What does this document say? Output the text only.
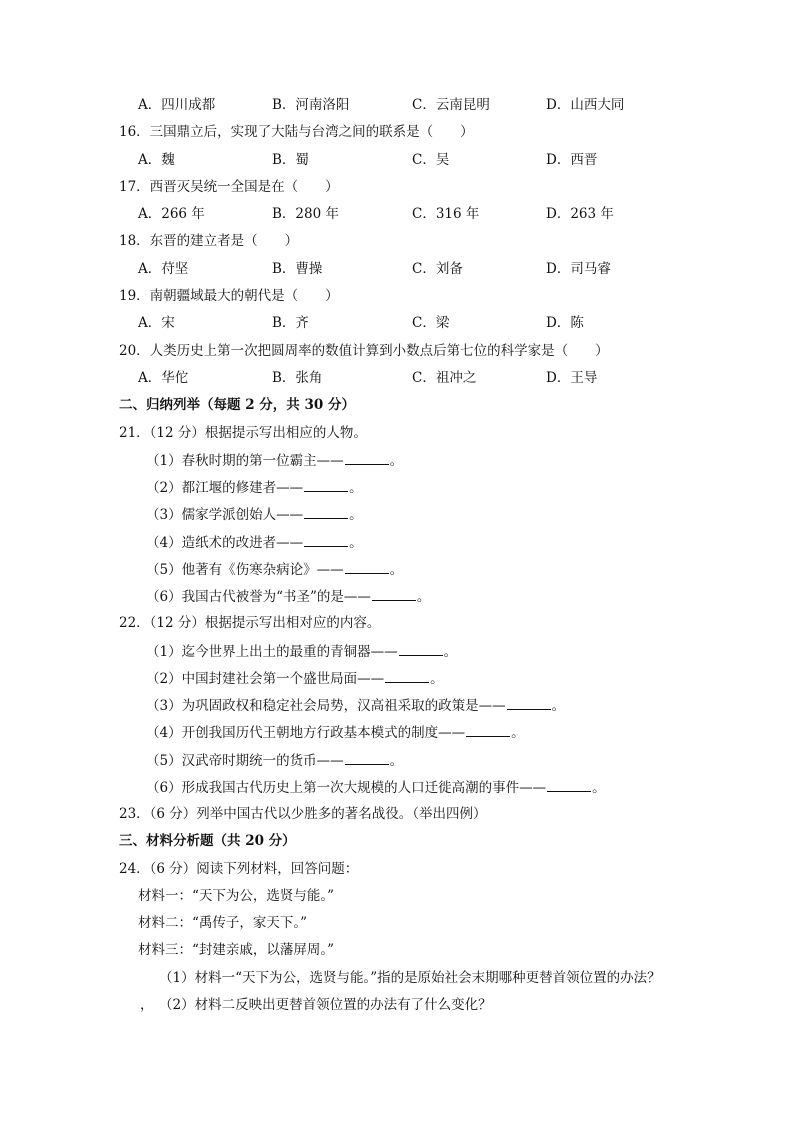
A．四川成都	B．河南洛阳	C．云南昆明	D．山西大同
16．三国鼎立后，实现了大陆与台湾之间的联系是（　　）
A．魏	B．蜀	C．吴	D．西晋
17．西晋灭吴统一全国是在（　　）
A．266 年	B．280 年	C．316 年	D．263 年
18．东晋的建立者是（　　）
A．苻坚	B．曹操	C．刘备	D．司马睿
19．南朝疆域最大的朝代是（　　）
A．宋	B．齐	C．梁	D．陈
20．人类历史上第一次把圆周率的数值计算到小数点后第七位的科学家是（　　）
A．华佗	B．张角	C．祖冲之	D．王导
二、归纳列举（每题 2 分，共 30 分）
21．（12 分）根据提示写出相应的人物。
（1）春秋时期的第一位霸主——	。
（2）都江堰的修建者——	。
（3）儒家学派创始人——	。
（4）造纸术的改进者——	。
（5）他著有《伤寒杂病论》——	。
（6）我国古代被誉为“书圣”的是——	。
22．（12 分）根据提示写出相对应的内容。
（1）迄今世界上出土的最重的青铜器——	。
（2）中国封建社会第一个盛世局面——	。
（3）为巩固政权和稳定社会局势，汉高祖采取的政策是——	。
（4）开创我国历代王朝地方行政基本模式的制度——	。
（5）汉武帝时期统一的货币——	。
（6）形成我国古代历史上第一次大规模的人口迁徙高潮的事件——	。
23．（6 分）列举中国古代以少胜多的著名战役。（举出四例）
三、材料分析题（共 20 分）
24．（6 分）阅读下列材料，回答问题：
材料一：“天下为公，选贤与能。”
材料二：“禹传子，家天下。”
材料三：“封建亲戚，以藩屏周。”
（1）材料一“天下为公，选贤与能。”指的是原始社会末期哪种更替首领位置的办法？
， （2）材料二反映出更替首领位置的办法有了什么变化？
